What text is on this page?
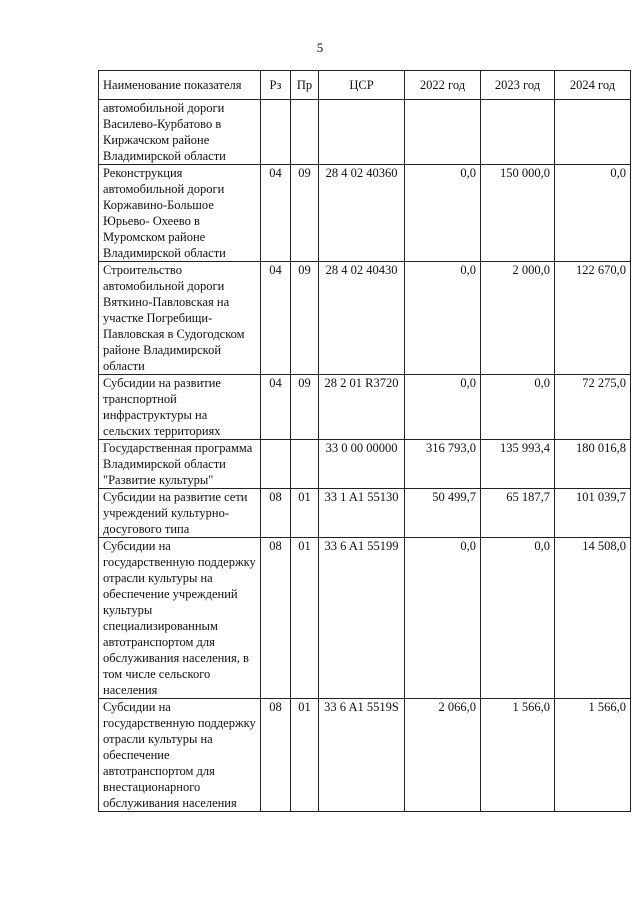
5
Наименование показателя	Рз	Пр	ЦСР	2022 год	2023 год	2024 год
автомобильной дороги Василево-Курбатово в Киржачском районе Владимирской области						
Реконструкция автомобильной дороги Коржавино-Большое Юрьево- Охеево в Муромском районе Владимирской области	04	09	28 4 02 40360	0,0	150 000,0	0,0
Строительство автомобильной дороги Вяткино-Павловская на участке Погребищи-Павловская в Судогодском районе Владимирской области	04	09	28 4 02 40430	0,0	2 000,0	122 670,0
Субсидии на развитие транспортной инфраструктуры на сельских территориях	04	09	28 2 01 R3720	0,0	0,0	72 275,0
Государственная программа Владимирской области "Развитие культуры"			33 0 00 00000	316 793,0	135 993,4	180 016,8
Субсидии на развитие сети учреждений культурно-досугового типа	08	01	33 1 A1 55130	50 499,7	65 187,7	101 039,7
Субсидии на государственную поддержку отрасли культуры на обеспечение учреждений культуры специализированным автотранспортом для обслуживания населения, в том числе сельского населения	08	01	33 6 A1 55199	0,0	0,0	14 508,0
Субсидии на государственную поддержку отрасли культуры на обеспечение автотранспортом для внестационарного обслуживания населения	08	01	33 6 A1 5519S	2 066,0	1 566,0	1 566,0
